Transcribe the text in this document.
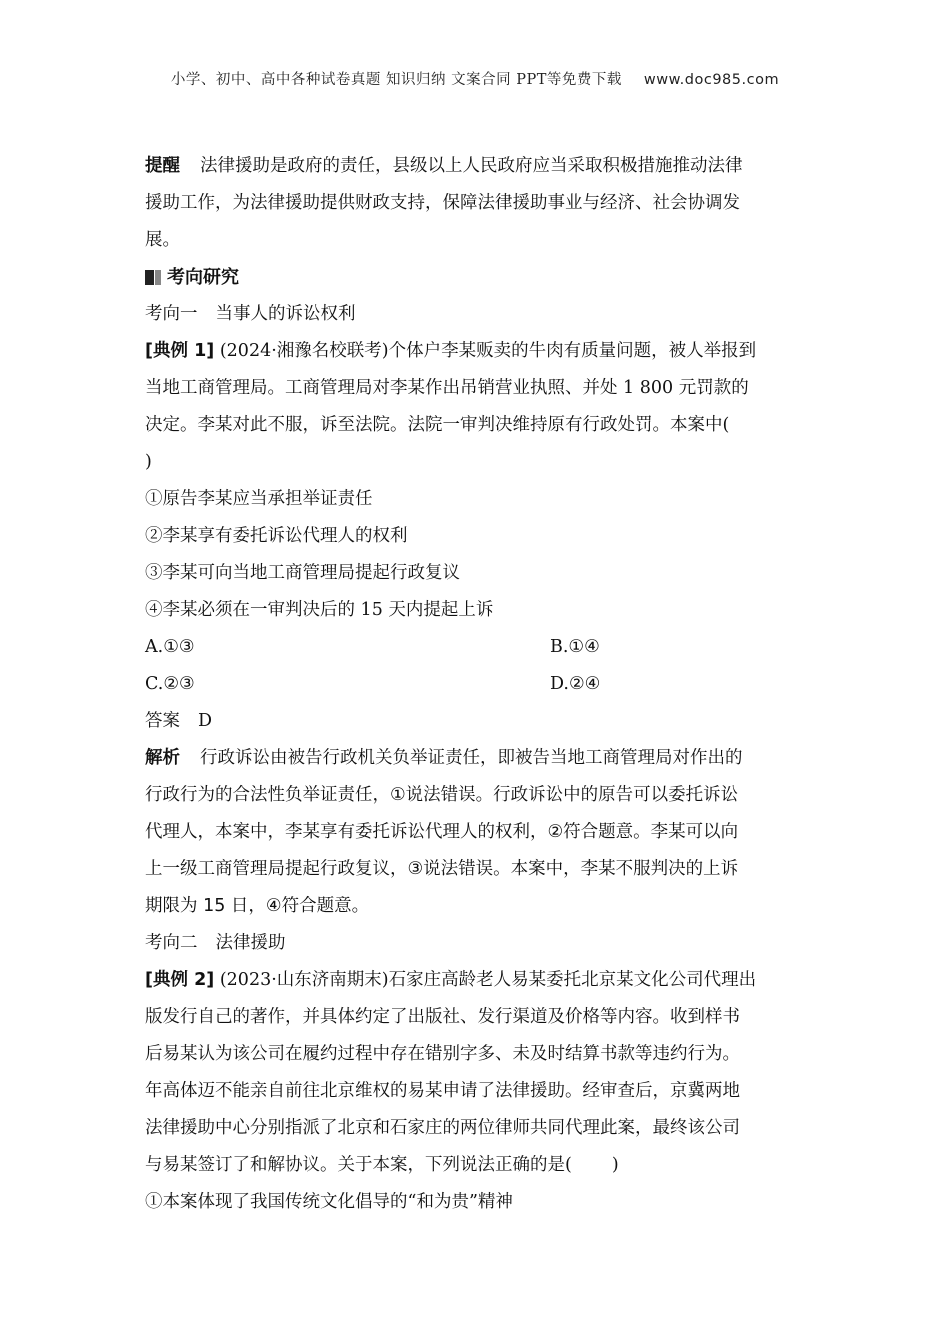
小学、初中、高中各种试卷真题 知识归纳 文案合同 PPT等免费下载 www.doc985.com
提醒 法律援助是政府的责任，县级以上人民政府应当采取积极措施推动法律
援助工作，为法律援助提供财政支持，保障法律援助事业与经济、社会协调发
展。
考向研究
考向一 当事人的诉讼权利
[典例 1] (2024·湘豫名校联考)个体户李某贩卖的牛肉有质量问题，被人举报到
当地工商管理局。工商管理局对李某作出吊销营业执照、并处 1 800 元罚款的
决定。李某对此不服，诉至法院。法院一审判决维持原有行政处罚。本案中(
)
①原告李某应当承担举证责任
②李某享有委托诉讼代理人的权利
③李某可向当地工商管理局提起行政复议
④李某必须在一审判决后的 15 天内提起上诉
A.①③	B.①④
C.②③	D.②④
答案 D
解析 行政诉讼由被告行政机关负举证责任，即被告当地工商管理局对作出的
行政行为的合法性负举证责任，①说法错误。行政诉讼中的原告可以委托诉讼
代理人，本案中，李某享有委托诉讼代理人的权利，②符合题意。李某可以向
上一级工商管理局提起行政复议，③说法错误。本案中，李某不服判决的上诉
期限为 15 日，④符合题意。
考向二 法律援助
[典例 2] (2023·山东济南期末)石家庄高龄老人易某委托北京某文化公司代理出
版发行自己的著作，并具体约定了出版社、发行渠道及价格等内容。收到样书
后易某认为该公司在履约过程中存在错别字多、未及时结算书款等违约行为。
年高体迈不能亲自前往北京维权的易某申请了法律援助。经审查后，京冀两地
法律援助中心分别指派了北京和石家庄的两位律师共同代理此案，最终该公司
与易某签订了和解协议。关于本案，下列说法正确的是( )
①本案体现了我国传统文化倡导的“和为贵”精神
